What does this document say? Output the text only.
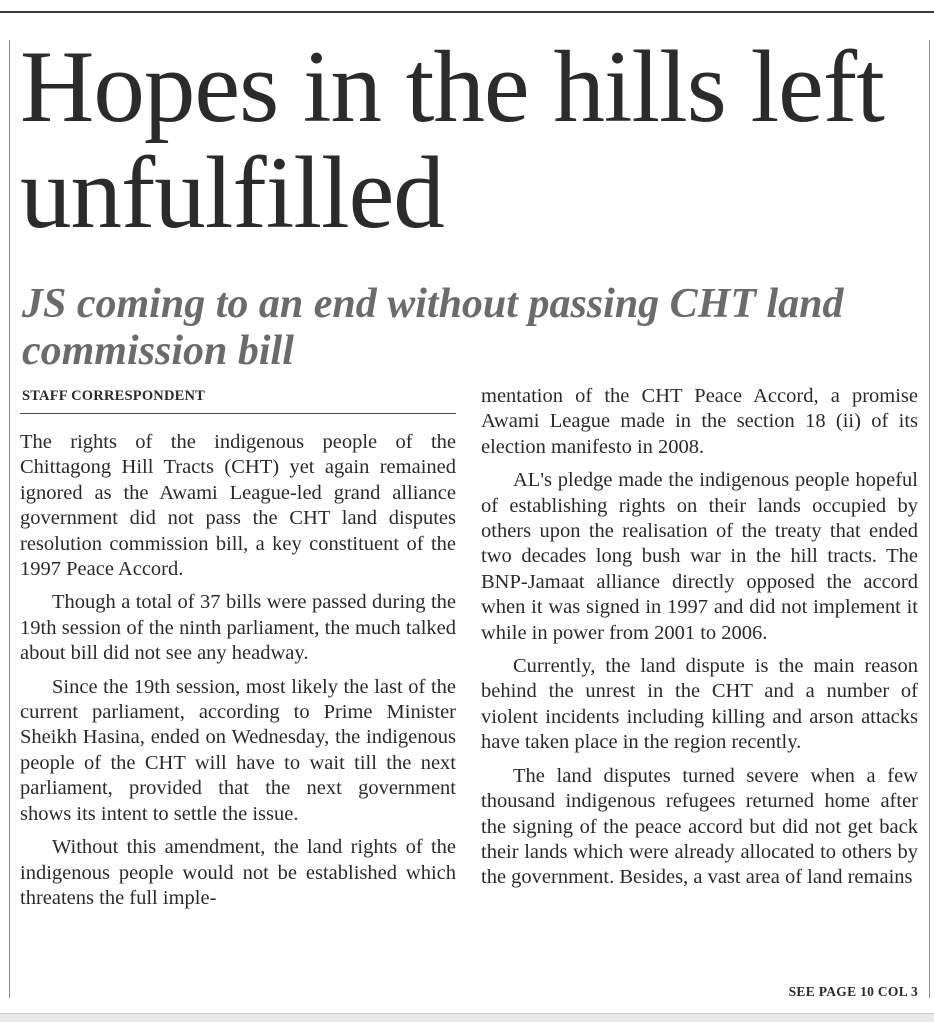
Hopes in the hills left unfulfilled
JS coming to an end without passing CHT land commission bill
STAFF CORRESPONDENT

The rights of the indigenous people of the Chittagong Hill Tracts (CHT) yet again remained ignored as the Awami League-led grand alliance government did not pass the CHT land disputes resolution commission bill, a key constituent of the 1997 Peace Accord.

Though a total of 37 bills were passed during the 19th session of the ninth parliament, the much talked about bill did not see any headway.

Since the 19th session, most likely the last of the current parliament, according to Prime Minister Sheikh Hasina, ended on Wednesday, the indigenous people of the CHT will have to wait till the next parliament, provided that the next government shows its intent to settle the issue.

Without this amendment, the land rights of the indigenous people would not be established which threatens the full imple-

mentation of the CHT Peace Accord, a promise Awami League made in the section 18 (ii) of its election manifesto in 2008.

AL's pledge made the indigenous people hopeful of establishing rights on their lands occupied by others upon the realisation of the treaty that ended two decades long bush war in the hill tracts. The BNP-Jamaat alliance directly opposed the accord when it was signed in 1997 and did not implement it while in power from 2001 to 2006.

Currently, the land dispute is the main reason behind the unrest in the CHT and a number of violent incidents including killing and arson attacks have taken place in the region recently.

The land disputes turned severe when a few thousand indigenous refugees returned home after the signing of the peace accord but did not get back their lands which were already allocated to others by the government. Besides, a vast area of land remains

SEE PAGE 10 COL 3
